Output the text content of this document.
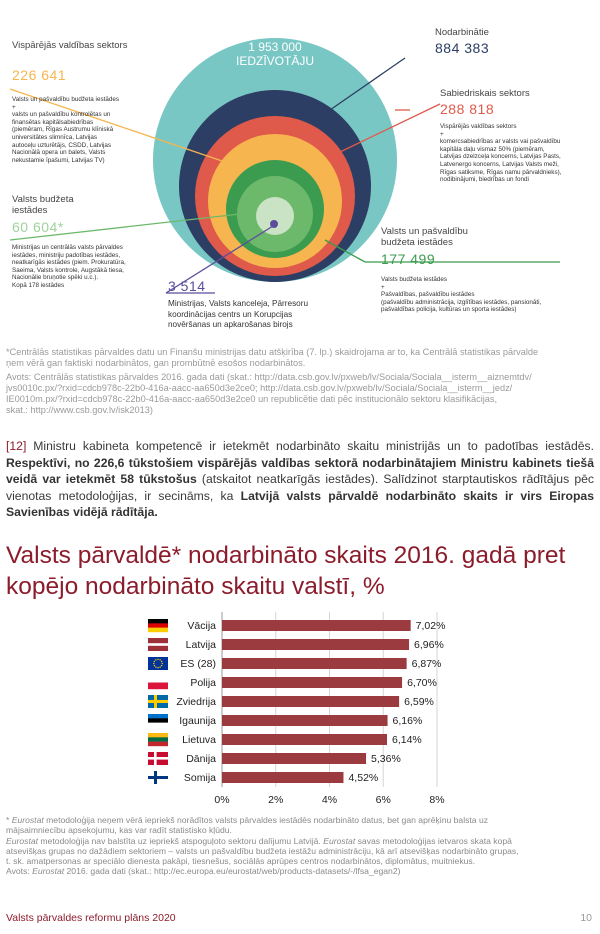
1 953 000
IEDZĪVOTĀJU
Vispārējās valdības sektors
226 641
Valsts un pašvaldību budžeta iestādes
+
valsts un pašvaldību kontrolētas un
finansētas kapitālsabiedrības
(piemēram, Rīgas Austrumu klīniskā
universitātes slimnīca, Latvijas
autoceļu uzturētājs, CSDD, Latvijas
Nacionālā opera un balets, Valsts
nekustamie īpašumi, Latvijas TV)
Valsts budžeta
iestādes
60 604*
Ministrijas un centrālās valsts pārvaldes
iestādes, ministriju padotības iestādes,
neatkarīgās iestādes (piem. Prokuratūra,
Saeima, Valsts kontrole, Augstākā tiesa,
Nacionālie bruņotie spēki u.c.).
Kopā 178 iestādes
Nodarbinātie
884 383
Sabiedriskais sektors
288 818
Vispārējās valdības sektors
+
komercsabiedrības ar valsts vai pašvaldību
kapitāla daļu vismaz 50% (piemēram,
Latvijas dzelzceļa koncerns, Latvijas Pasts,
Latvenergo koncerns, Latvijas Valsts meži,
Rīgas satiksme, Rīgas namu pārvaldnieks),
nodibinājumi, biedrības un fondi
Valsts un pašvaldību
budžeta iestādes
177 499
Valsts budžeta iestādes
+
Pašvaldības, pašvaldību iestādes
(pašvaldību administrācija, izglītības iestādes, pansionāti,
pašvaldības policija, kultūras un sporta iestādes)
3 514
Ministrijas, Valsts kanceleja, Pārresoru
koordinācijas centrs un Korupcijas
novēršanas un apkarošanas birojs
*Centrālās statistikas pārvaldes datu un Finanšu ministrijas datu atšķirība (7. lp.) skaidrojama ar to, ka Centrālā statistikas pārvalde
ņem vērā gan faktiski nodarbinātos, gan prombūtnē esošos nodarbinātos.
Avots: Centrālās statistikas pārvaldes 2016. gada dati (skat.: http://data.csb.gov.lv/pxweb/lv/Sociala/Sociala__isterm__aiznemtdv/
jvs0010c.px/?rxid=cdcb978c-22b0-416a-aacc-aa650d3e2ce0; http://data.csb.gov.lv/pxweb/lv/Sociala/Sociala__isterm__jedz/
IE0010m.px/?rxid=cdcb978c-22b0-416a-aacc-aa650d3e2ce0 un republicētie dati pēc institucionālo sektoru klasifikācijas,
skat.: http://www.csb.gov.lv/isk2013)
[12] Ministru kabineta kompetencē ir ietekmēt nodarbināto skaitu ministrijās un to padotības iestādēs. Respektīvi, no 226,6 tūkstošiem vispārējās valdības sektorā nodarbinātajiem Ministru kabinets tiešā veidā var ietekmēt 58 tūkstošus (atskaitot neatkarīgās iestādes). Salīdzinot starptautiskos rādītājus pēc vienotas metodoloģijas, ir secināms, ka Latvijā valsts pārvaldē nodarbināto skaits ir virs Eiropas Savienības vidējā rādītāja.
Valsts pārvaldē* nodarbināto skaits 2016. gadā pret
kopējo nodarbināto skaitu valstī, %
0%	2%	4%	6%	8%
Vācija	7,02%
Latvija	6,96%
ES (28)	6,87%
Polija	6,70%
Zviedrija	6,59%
Igaunija	6,16%
Lietuva	6,14%
Dānija	5,36%
Somija	4,52%
* Eurostat metodoloģija neņem vērā iepriekš norādītos valsts pārvaldes iestādēs nodarbināto datus, bet gan aprēķinu balsta uz
mājsaimniecību apsekojumu, kas var radīt statistisko kļūdu.
Eurostat metodoloģija nav balstīta uz iepriekš atspoguļoto sektoru dalījumu Latvijā. Eurostat savas metodoloģijas ietvaros skata kopā
atsevišķas grupas no dažādiem sektoriem – valsts un pašvaldību budžeta iestāžu administrāciju, kā arī atsevišķas nodarbināto grupas,
t. sk. amatpersonas ar speciālo dienesta pakāpi, tiesnešus, sociālās aprūpes centros nodarbinātos, diplomātus, muitniekus.
Avots: Eurostat 2016. gada dati (skat.: http://ec.europa.eu/eurostat/web/products-datasets/-/lfsa_egan2)
Valsts pārvaldes reformu plāns 2020	10
